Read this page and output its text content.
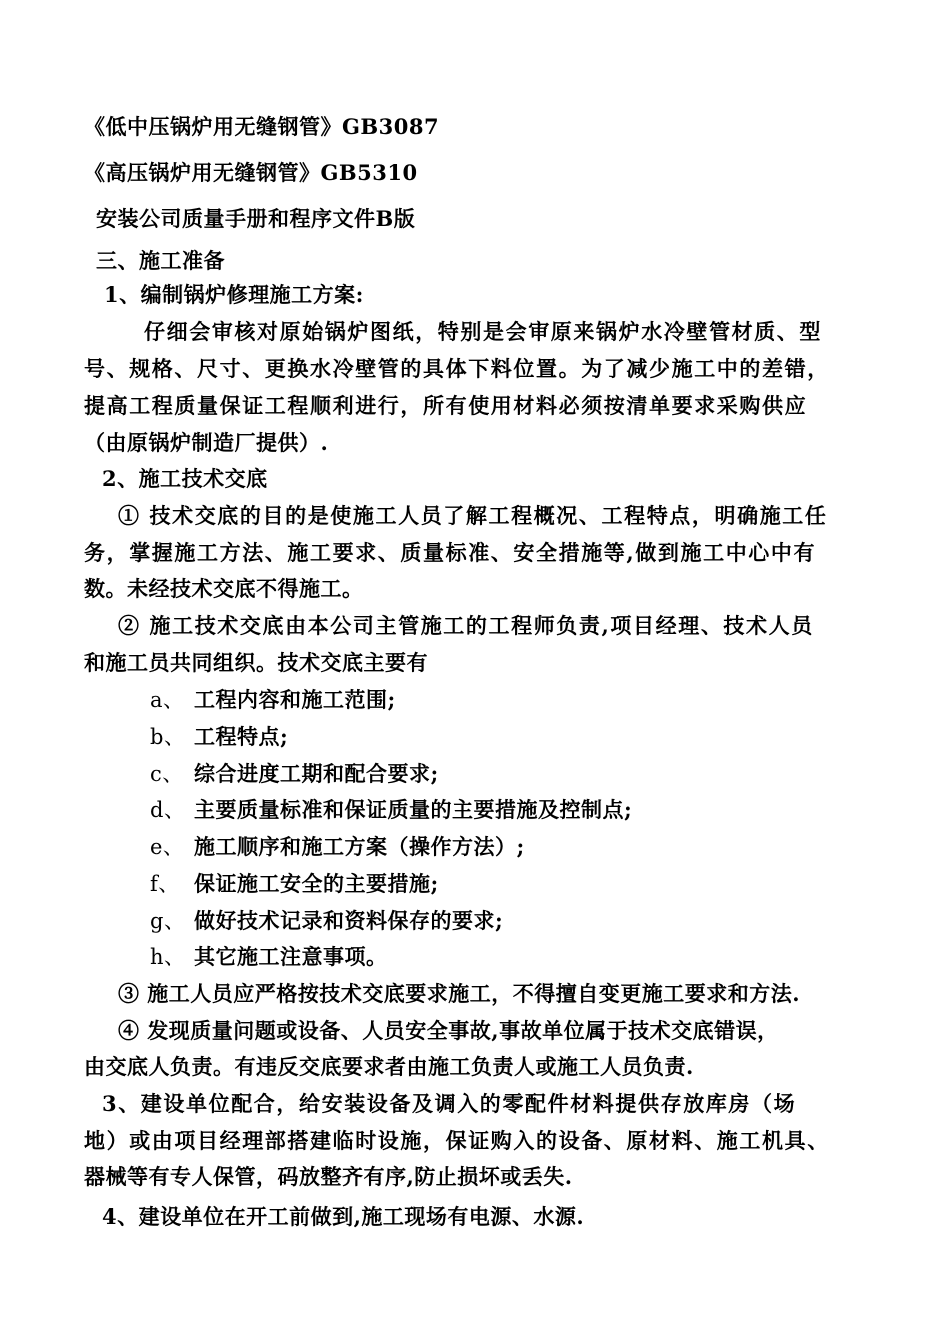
《低中压锅炉用无缝钢管》GB3087
《高压锅炉用无缝钢管》GB5310
安装公司质量手册和程序文件B版
三、施工准备
1、编制锅炉修理施工方案:
仔细会审核对原始锅炉图纸，特别是会审原来锅炉水冷壁管材质、型
号、规格、尺寸、更换水冷壁管的具体下料位置。为了减少施工中的差错，
提高工程质量保证工程顺利进行，所有使用材料必须按清单要求采购供应
（由原锅炉制造厂提供）.
2、施工技术交底
① 技术交底的目的是使施工人员了解工程概况、工程特点，明确施工任
务，掌握施工方法、施工要求、质量标准、安全措施等,做到施工中心中有
数。未经技术交底不得施工。
② 施工技术交底由本公司主管施工的工程师负责,项目经理、技术人员
和施工员共同组织。技术交底主要有
a、 工程内容和施工范围;
b、 工程特点;
c、 综合进度工期和配合要求;
d、 主要质量标准和保证质量的主要措施及控制点;
e、 施工顺序和施工方案（操作方法）;
f、 保证施工安全的主要措施;
g、 做好技术记录和资料保存的要求;
h、 其它施工注意事项。
③ 施工人员应严格按技术交底要求施工，不得擅自变更施工要求和方法.
④ 发现质量问题或设备、人员安全事故,事故单位属于技术交底错误，
由交底人负责。有违反交底要求者由施工负责人或施工人员负责.
3、建设单位配合，给安装设备及调入的零配件材料提供存放库房（场
地）或由项目经理部搭建临时设施，保证购入的设备、原材料、施工机具、
器械等有专人保管，码放整齐有序,防止损坏或丢失.
4、建设单位在开工前做到,施工现场有电源、水源.
